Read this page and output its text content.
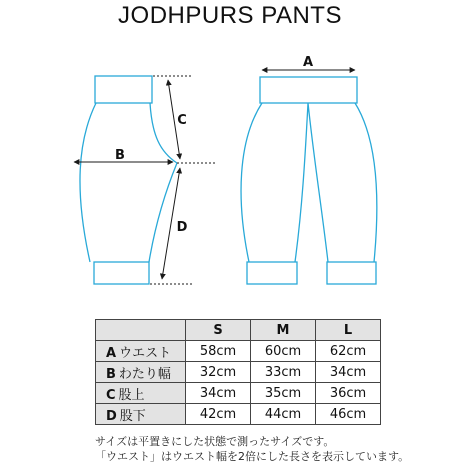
JODHPURS PANTS
A
B
C
D
	S	M	L
A ウエスト	58cm	60cm	62cm
B わたり幅	32cm	33cm	34cm
C 股上	34cm	35cm	36cm
D 股下	42cm	44cm	46cm
サイズは平置きにした状態で測ったサイズです。
「ウエスト」はウエスト幅を2倍にした長さを表示しています。
